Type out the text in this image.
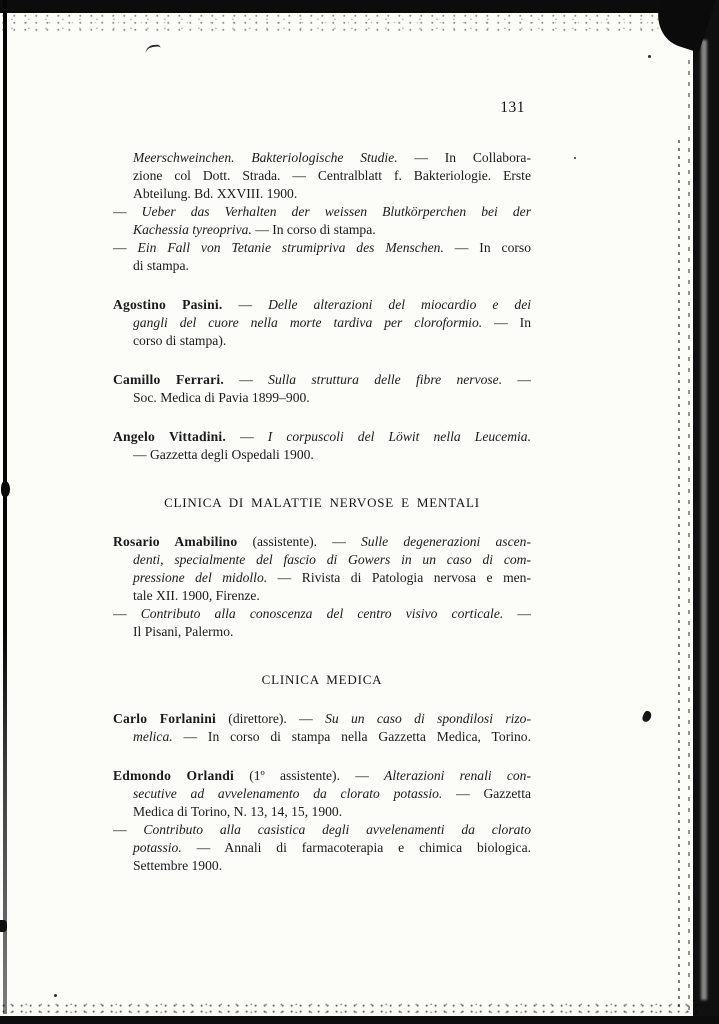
131
Meerschweinchen. Bakteriologische Studie. — In Collabora-
zione col Dott. Strada. — Centralblatt f. Bakteriologie. Erste
Abteilung. Bd. XXVIII. 1900.
— Ueber das Verhalten der weissen Blutkörperchen bei der
Kachessia tyreopriva. — In corso di stampa.
— Ein Fall von Tetanie strumipriva des Menschen. — In corso
di stampa.
Agostino Pasini. — Delle alterazioni del miocardio e dei
gangli del cuore nella morte tardiva per cloroformio. — In
corso di stampa).
Camillo Ferrari. — Sulla struttura delle fibre nervose. —
Soc. Medica di Pavia 1899–900.
Angelo Vittadini. — I corpuscoli del Löwit nella Leucemia.
— Gazzetta degli Ospedali 1900.
CLINICA DI MALATTIE NERVOSE E MENTALI
Rosario Amabilino (assistente). — Sulle degenerazioni ascen-
denti, specialmente del fascio di Gowers in un caso di com-
pressione del midollo. — Rivista di Patologia nervosa e men-
tale XII. 1900, Firenze.
— Contributo alla conoscenza del centro visivo corticale. —
Il Pisani, Palermo.
CLINICA MEDICA
Carlo Forlanini (direttore). — Su un caso di spondilosi rizo-
melica. — In corso di stampa nella Gazzetta Medica, Torino.
Edmondo Orlandi (1º assistente). — Alterazioni renali con-
secutive ad avvelenamento da clorato potassio. — Gazzetta
Medica di Torino, N. 13, 14, 15, 1900.
— Contributo alla casistica degli avvelenamenti da clorato
potassio. — Annali di farmacoterapia e chimica biologica.
Settembre 1900.
